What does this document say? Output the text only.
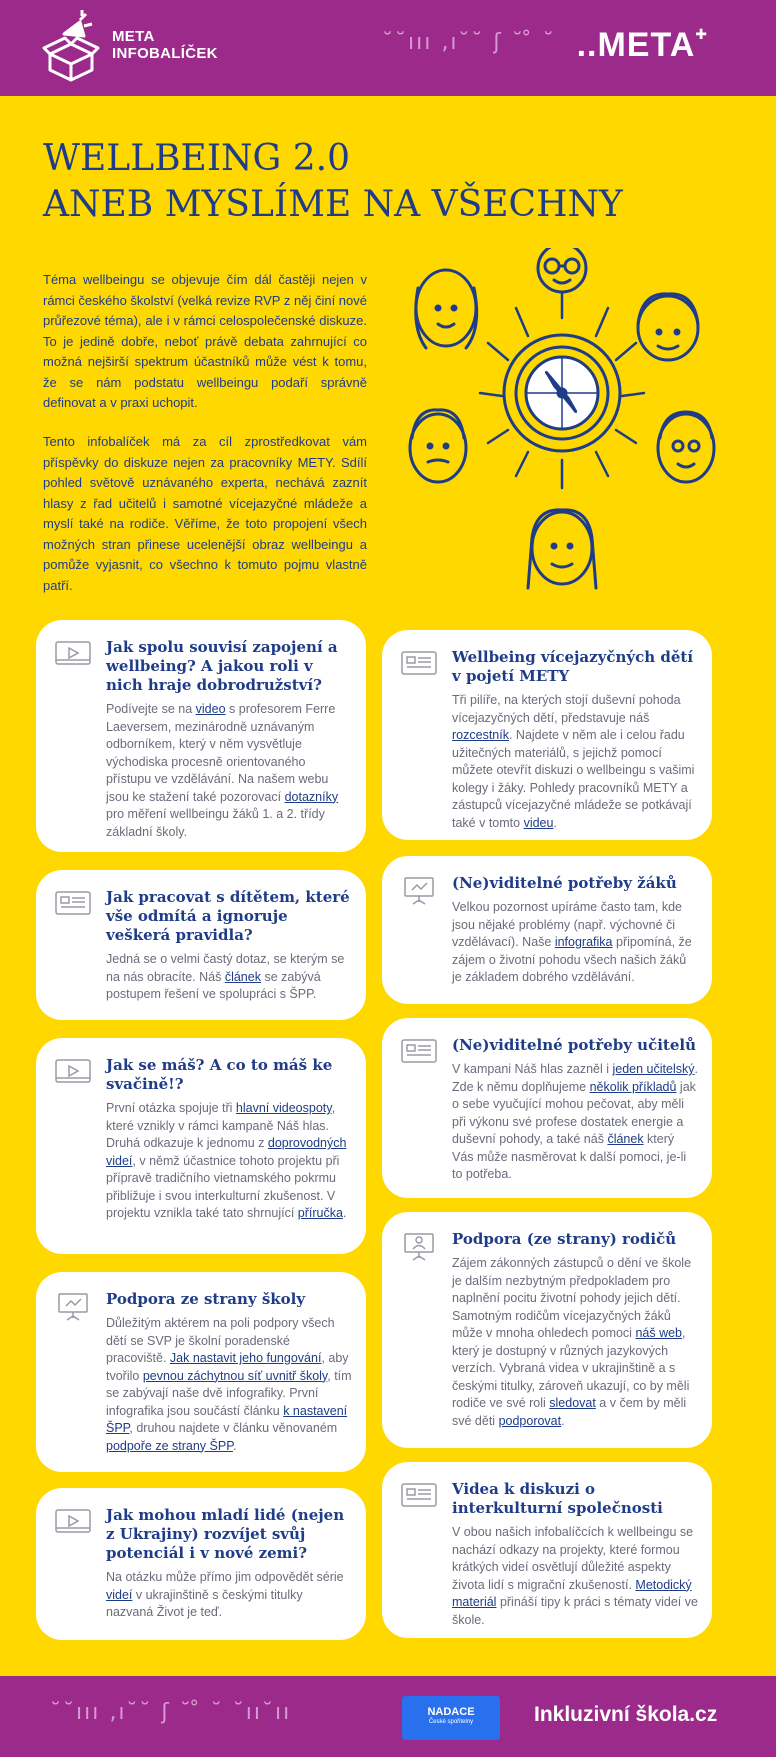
META
INFOBALÍČEK	˘˘ııı ‚ı˘˘ ʃ ˘ ̊ ˘ ..META✚
WELLBEING 2.0
ANEB MYSLÍME NA VŠECHNY

Téma wellbeingu se objevuje čím dál častěji nejen v rámci českého školství (velká revize RVP z něj činí nové průřezové téma), ale i v rámci celospolečenské diskuze. To je jedině dobře, neboť právě debata zahrnující co možná nejširší spektrum účastníků může vést k tomu, že se nám podstatu wellbeingu podaří správně definovat a v praxi uchopit.

Tento infobalíček má za cíl zprostředkovat vám příspěvky do diskuze nejen za pracovníky METY. Sdílí pohled světově uznávaného experta, nechává zaznít hlasy z řad učitelů i samotné vícejazyčné mládeže a myslí také na rodiče. Věříme, že toto propojení všech možných stran přinese ucelenější obraz wellbeingu a pomůže vyjasnit, co všechno k tomuto pojmu vlastně patří.

Jak spolu souvisí zapojení a wellbeing? A jakou roli v nich hraje dobrodružství?

Podívejte se na video s profesorem Ferre Laeversem, mezinárodně uznávaným odborníkem, který v něm vysvětluje východiska procesně orientovaného přístupu ve vzdělávání. Na našem webu jsou ke stažení také pozorovací dotazníky pro měření wellbeingu žáků 1. a 2. třídy základní školy.

Jak pracovat s dítětem, které vše odmítá a ignoruje veškerá pravidla?

Jedná se o velmi častý dotaz, se kterým se na nás obracíte. Náš článek se zabývá postupem řešení ve spolupráci s ŠPP.

Jak se máš? A co to máš ke svačině!?

První otázka spojuje tři hlavní videospoty, které vznikly v rámci kampaně Náš hlas. Druhá odkazuje k jednomu z doprovodných videí, v němž účastnice tohoto projektu při přípravě tradičního vietnamského pokrmu přibližuje i svou interkulturní zkušenost. V projektu vznikla také tato shrnující příručka.

Podpora ze strany školy

Důležitým aktérem na poli podpory všech dětí se SVP je školní poradenské pracoviště. Jak nastavit jeho fungování, aby tvořilo pevnou záchytnou síť uvnitř školy, tím se zabývají naše dvě infografiky. První infografika jsou součástí článku k nastavení ŠPP, druhou najdete v článku věnovaném podpoře ze strany ŠPP.

Jak mohou mladí lidé (nejen z Ukrajiny) rozvíjet svůj potenciál i v nové zemi?

Na otázku může přímo jim odpovědět série videí v ukrajinštině s českými titulky nazvaná Život je teď.

Wellbeing vícejazyčných dětí v pojetí METY

Tři pilíře, na kterých stojí duševní pohoda vícejazyčných dětí, představuje náš rozcestník. Najdete v něm ale i celou řadu užitečných materiálů, s jejichž pomocí můžete otevřít diskuzi o wellbeingu s vašimi kolegy i žáky. Pohledy pracovníků METY a zástupců vícejazyčné mládeže se potkávají také v tomto videu.

(Ne)viditelné potřeby žáků

Velkou pozornost upíráme často tam, kde jsou nějaké problémy (např. výchovné či vzdělávací). Naše infografika připomíná, že zájem o životní pohodu všech našich žáků je základem dobrého vzdělávání.

(Ne)viditelné potřeby učitelů

V kampani Náš hlas zazněl i jeden učitelský. Zde k němu doplňujeme několik příkladů jak o sebe vyučující mohou pečovat, aby měli při výkonu své profese dostatek energie a duševní pohody, a také náš článek který Vás může nasměrovat k další pomoci, je-li to potřeba.

Podpora (ze strany) rodičů

Zájem zákonných zástupců o dění ve škole je dalším nezbytným předpokladem pro naplnění pocitu životní pohody jejich dětí. Samotným rodičům vícejazyčných žáků může v mnoha ohledech pomoci náš web, který je dostupný v různých jazykových verzích. Vybraná videa v ukrajinštině a s českými titulky, zároveň ukazují, co by měli rodiče ve své roli sledovat a v čem by měli své děti podporovat.

Videa k diskuzi o interkulturní společnosti

V obou našich infobalíčcích k wellbeingu se nachází odkazy na projekty, které formou krátkých videí osvětlují důležité aspekty života lidí s migrační zkušeností. Metodický materiál přináší tipy k práci s tématy videí ve škole.

˘˘ııı ‚ı˘˘ ʃ ˘ ̊ ˘ ˘ıı˘ıı	NADACE
České spořitelny	Inkluzivní škola.cz
